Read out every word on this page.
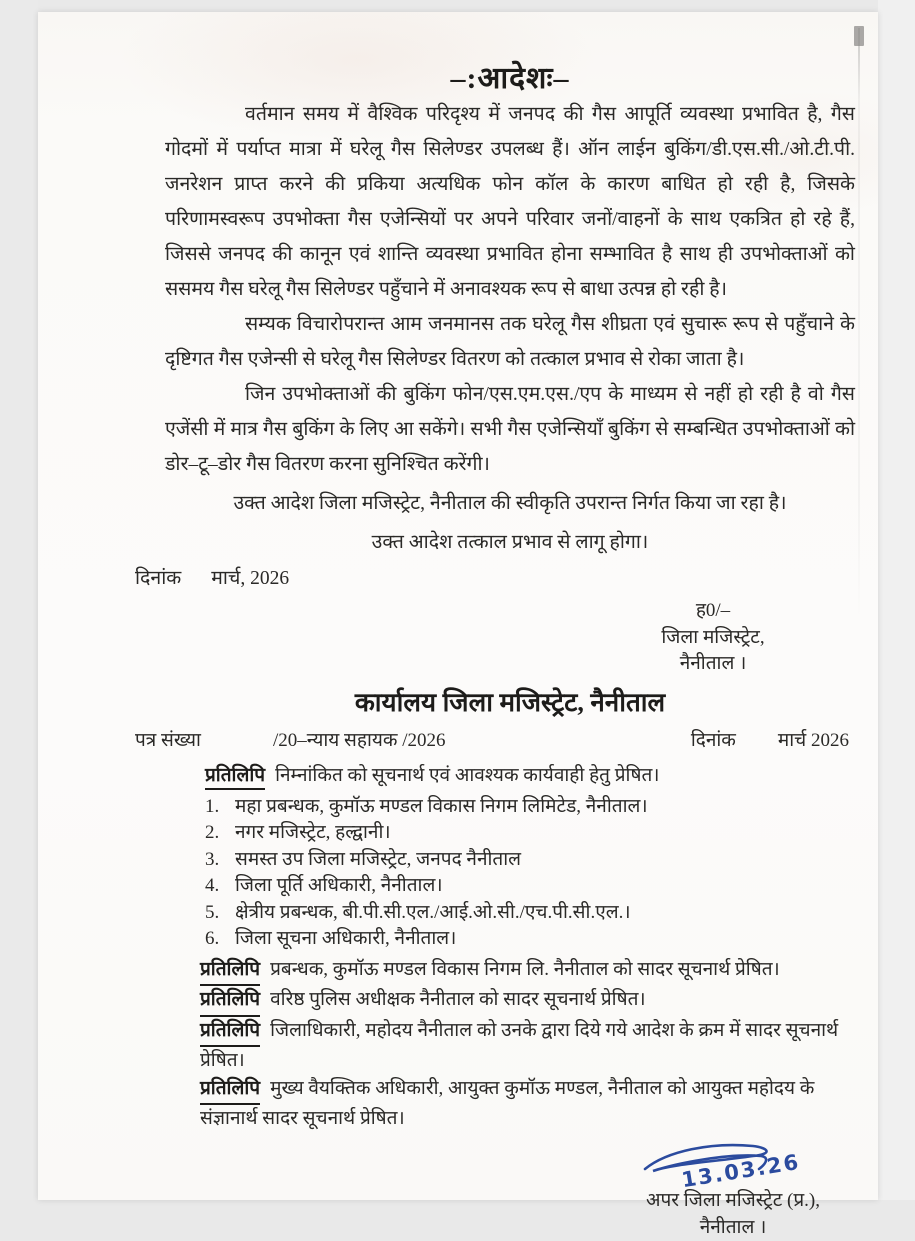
–:आदेशः–

वर्तमान समय में वैश्विक परिदृश्य में जनपद की गैस आपूर्ति व्यवस्था प्रभावित है, गैस गोदमों में पर्याप्त मात्रा में घरेलू गैस सिलेण्डर उपलब्ध हैं। ऑन लाईन बुकिंग/डी.एस.सी./ओ.टी.पी. जनरेशन प्राप्त करने की प्रकिया अत्यधिक फोन कॉल के कारण बाधित हो रही है, जिसके परिणामस्वरूप उपभोक्ता गैस एजेन्सियों पर अपने परिवार जनों/वाहनों के साथ एकत्रित हो रहे हैं, जिससे जनपद की कानून एवं शान्ति व्यवस्था प्रभावित होना सम्भावित है साथ ही उपभोक्ताओं को ससमय गैस घरेलू गैस सिलेण्डर पहुँचाने में अनावश्यक रूप से बाधा उत्पन्न हो रही है।

सम्यक विचारोपरान्त आम जनमानस तक घरेलू गैस शीघ्रता एवं सुचारू रूप से पहुँचाने के दृष्टिगत गैस एजेन्सी से घरेलू गैस सिलेण्डर वितरण को तत्काल प्रभाव से रोका जाता है।

जिन उपभोक्ताओं की बुकिंग फोन/एस.एम.एस./एप के माध्यम से नहीं हो रही है वो गैस एजेंसी में मात्र गैस बुकिंग के लिए आ सकेंगे। सभी गैस एजेन्सियाँ बुकिंग से सम्बन्धित उपभोक्ताओं को डोर–टू–डोर गैस वितरण करना सुनिश्चित करेंगी।

उक्त आदेश जिला मजिस्ट्रेट, नैनीताल की स्वीकृति उपरान्त निर्गत किया जा रहा है।
उक्त आदेश तत्काल प्रभाव से लागू होगा।
दिनांक मार्च, 2026
ह0/–
जिला मजिस्ट्रेट,
नैनीताल ।
कार्यालय जिला मजिस्ट्रेट, नैनीताल
पत्र संख्या	/20–न्याय सहायक /2026	दिनांक मार्च 2026
प्रतिलिपि निम्नांकित को सूचनार्थ एवं आवश्यक कार्यवाही हेतु प्रेषित।
1. महा प्रबन्धक, कुमॉऊ मण्डल विकास निगम लिमिटेड, नैनीताल।
2. नगर मजिस्ट्रेट, हल्द्वानी।
3. समस्त उप जिला मजिस्ट्रेट, जनपद नैनीताल
4. जिला पूर्ति अधिकारी, नैनीताल।
5. क्षेत्रीय प्रबन्धक, बी.पी.सी.एल./आई.ओ.सी./एच.पी.सी.एल.।
6. जिला सूचना अधिकारी, नैनीताल।
प्रतिलिपि प्रबन्धक, कुमॉऊ मण्डल विकास निगम लि. नैनीताल को सादर सूचनार्थ प्रेषित।
प्रतिलिपि वरिष्ठ पुलिस अधीक्षक नैनीताल को सादर सूचनार्थ प्रेषित।
प्रतिलिपि जिलाधिकारी, महोदय नैनीताल को उनके द्वारा दिये गये आदेश के क्रम में सादर सूचनार्थ प्रेषित।
प्रतिलिपि मुख्य वैयक्तिक अधिकारी, आयुक्त कुमॉऊ मण्डल, नैनीताल को आयुक्त महोदय के संज्ञानार्थ सादर सूचनार्थ प्रेषित।
13.03.26
अपर जिला मजिस्ट्रेट (प्र.),
नैनीताल ।
